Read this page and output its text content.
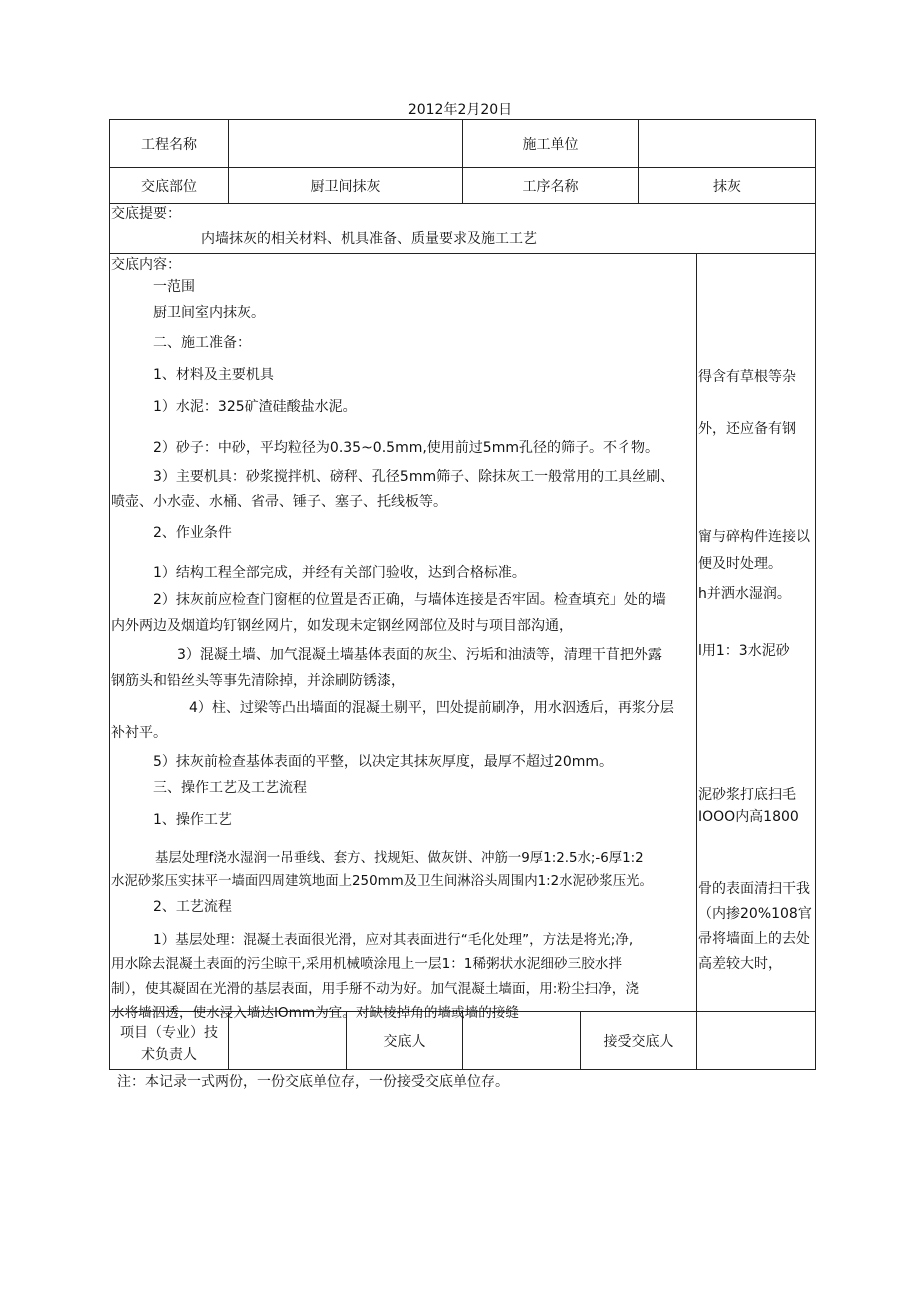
2012年2月20日
工程名称	施工单位
交底部位	厨卫间抹灰	工序名称	抹灰
交底提要：
内墙抹灰的相关材料、机具准备、质量要求及施工工艺
交底内容：
一范围
厨卫间室内抹灰。
二、施工准备：
1、材料及主要机具
1）水泥：325矿渣硅酸盐水泥。
2）砂子：中砂，平均粒径为0.35~0.5mm,使用前过5mm孔径的筛子。不彳物。
3）主要机具：砂浆搅拌机、磅秤、孔径5mm筛子、除抹灰工一般常用的工具丝刷、
喷壶、小水壶、水桶、省帚、锤子、塞子、托线板等。
2、作业条件
1）结构工程全部完成，并经有关部门验收，达到合格标准。
2）抹灰前应检查门窗框的位置是否正确，与墙体连接是否牢固。检查填充」处的墙
内外两边及烟道均钉钢丝网片，如发现未定钢丝网部位及时与项目部沟通，
3）混凝土墙、加气混凝土墙基体表面的灰尘、污垢和油渍等，清理干苜把外露
钢筋头和铅丝头等事先清除掉，并涂刷防锈漆，
4）柱、过梁等凸出墙面的混凝土剔平，凹处提前刷净，用水泅透后，再浆分层
补衬平。
5）抹灰前检查基体表面的平整，以决定其抹灰厚度，最厚不超过20mm。
三、操作工艺及工艺流程
1、操作工艺
基层处理f浇水湿润一吊垂线、套方、找规矩、做灰饼、冲筋一9厚1:2.5水;-6厚1:2
水泥砂浆压实抹平一墙面四周建筑地面上250mm及卫生间淋浴头周围内1:2水泥砂浆压光。
2、工艺流程
1）基层处理：混凝土表面很光滑，应对其表面进行“毛化处理”，方法是将光;净,
用水除去混凝土表面的污尘晾干,采用机械喷涂甩上一层1：1稀粥状水泥细砂三胶水拌
制），使其凝固在光滑的基层表面，用手掰不动为好。加气混凝土墙面，用:粉尘扫净，浇
水将墙泅透，使水浸入墙达lOmm为宜。对缺棱掉角的墙或墙的接缝
得含有草根等杂
外，还应备有钢
甯与碎构件连接以
便及时处理。
h并洒水湿润。
l用1：3水泥砂
泥砂浆打底扫毛
IOOO内高1800
骨的表面清扫干我
（内掺20%108官
帚将墙面上的去处
高差较大时，
项目（专业）技
术负责人
交底人	接受交底人
注：本记录一式两份，一份交底单位存，一份接受交底单位存。
